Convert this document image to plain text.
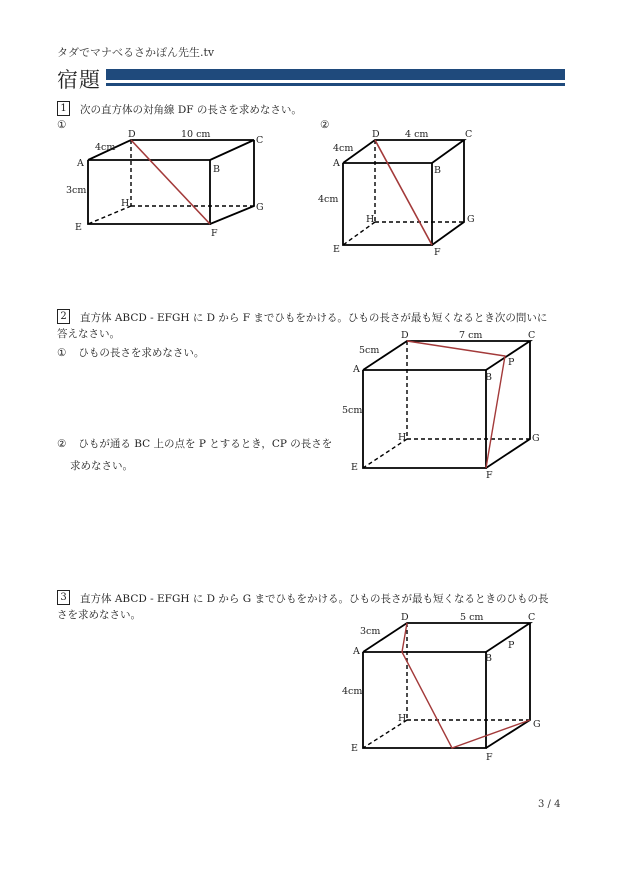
タダでマナべるさかぽん先生.tv
宿題
1 次の直方体の対角線 DF の長さを求めなさい。
①	②
2 直方体 ABCD - EFGH に D から F までひもをかける。ひもの長さが最も短くなるとき次の問いに
答えなさい。
① ひもの長さを求めなさい。
② ひもが通る BC 上の点を P とするとき，CP の長さを
求めなさい。
3 直方体 ABCD - EFGH に D から G までひもをかける。ひもの長さが最も短くなるときのひもの長
さを求めなさい。
D
C
A
B
H	G
E
F
10 cm
4cm
3cm
D	C
A
B
H	G
E	F
4 cm
4cm
4cm
D	C
A
B
P
H	G
E
F
7 cm
5cm
5cm
D	C
A
B
P
H
G
E
F
5 cm
3cm
4cm
3 / 4
